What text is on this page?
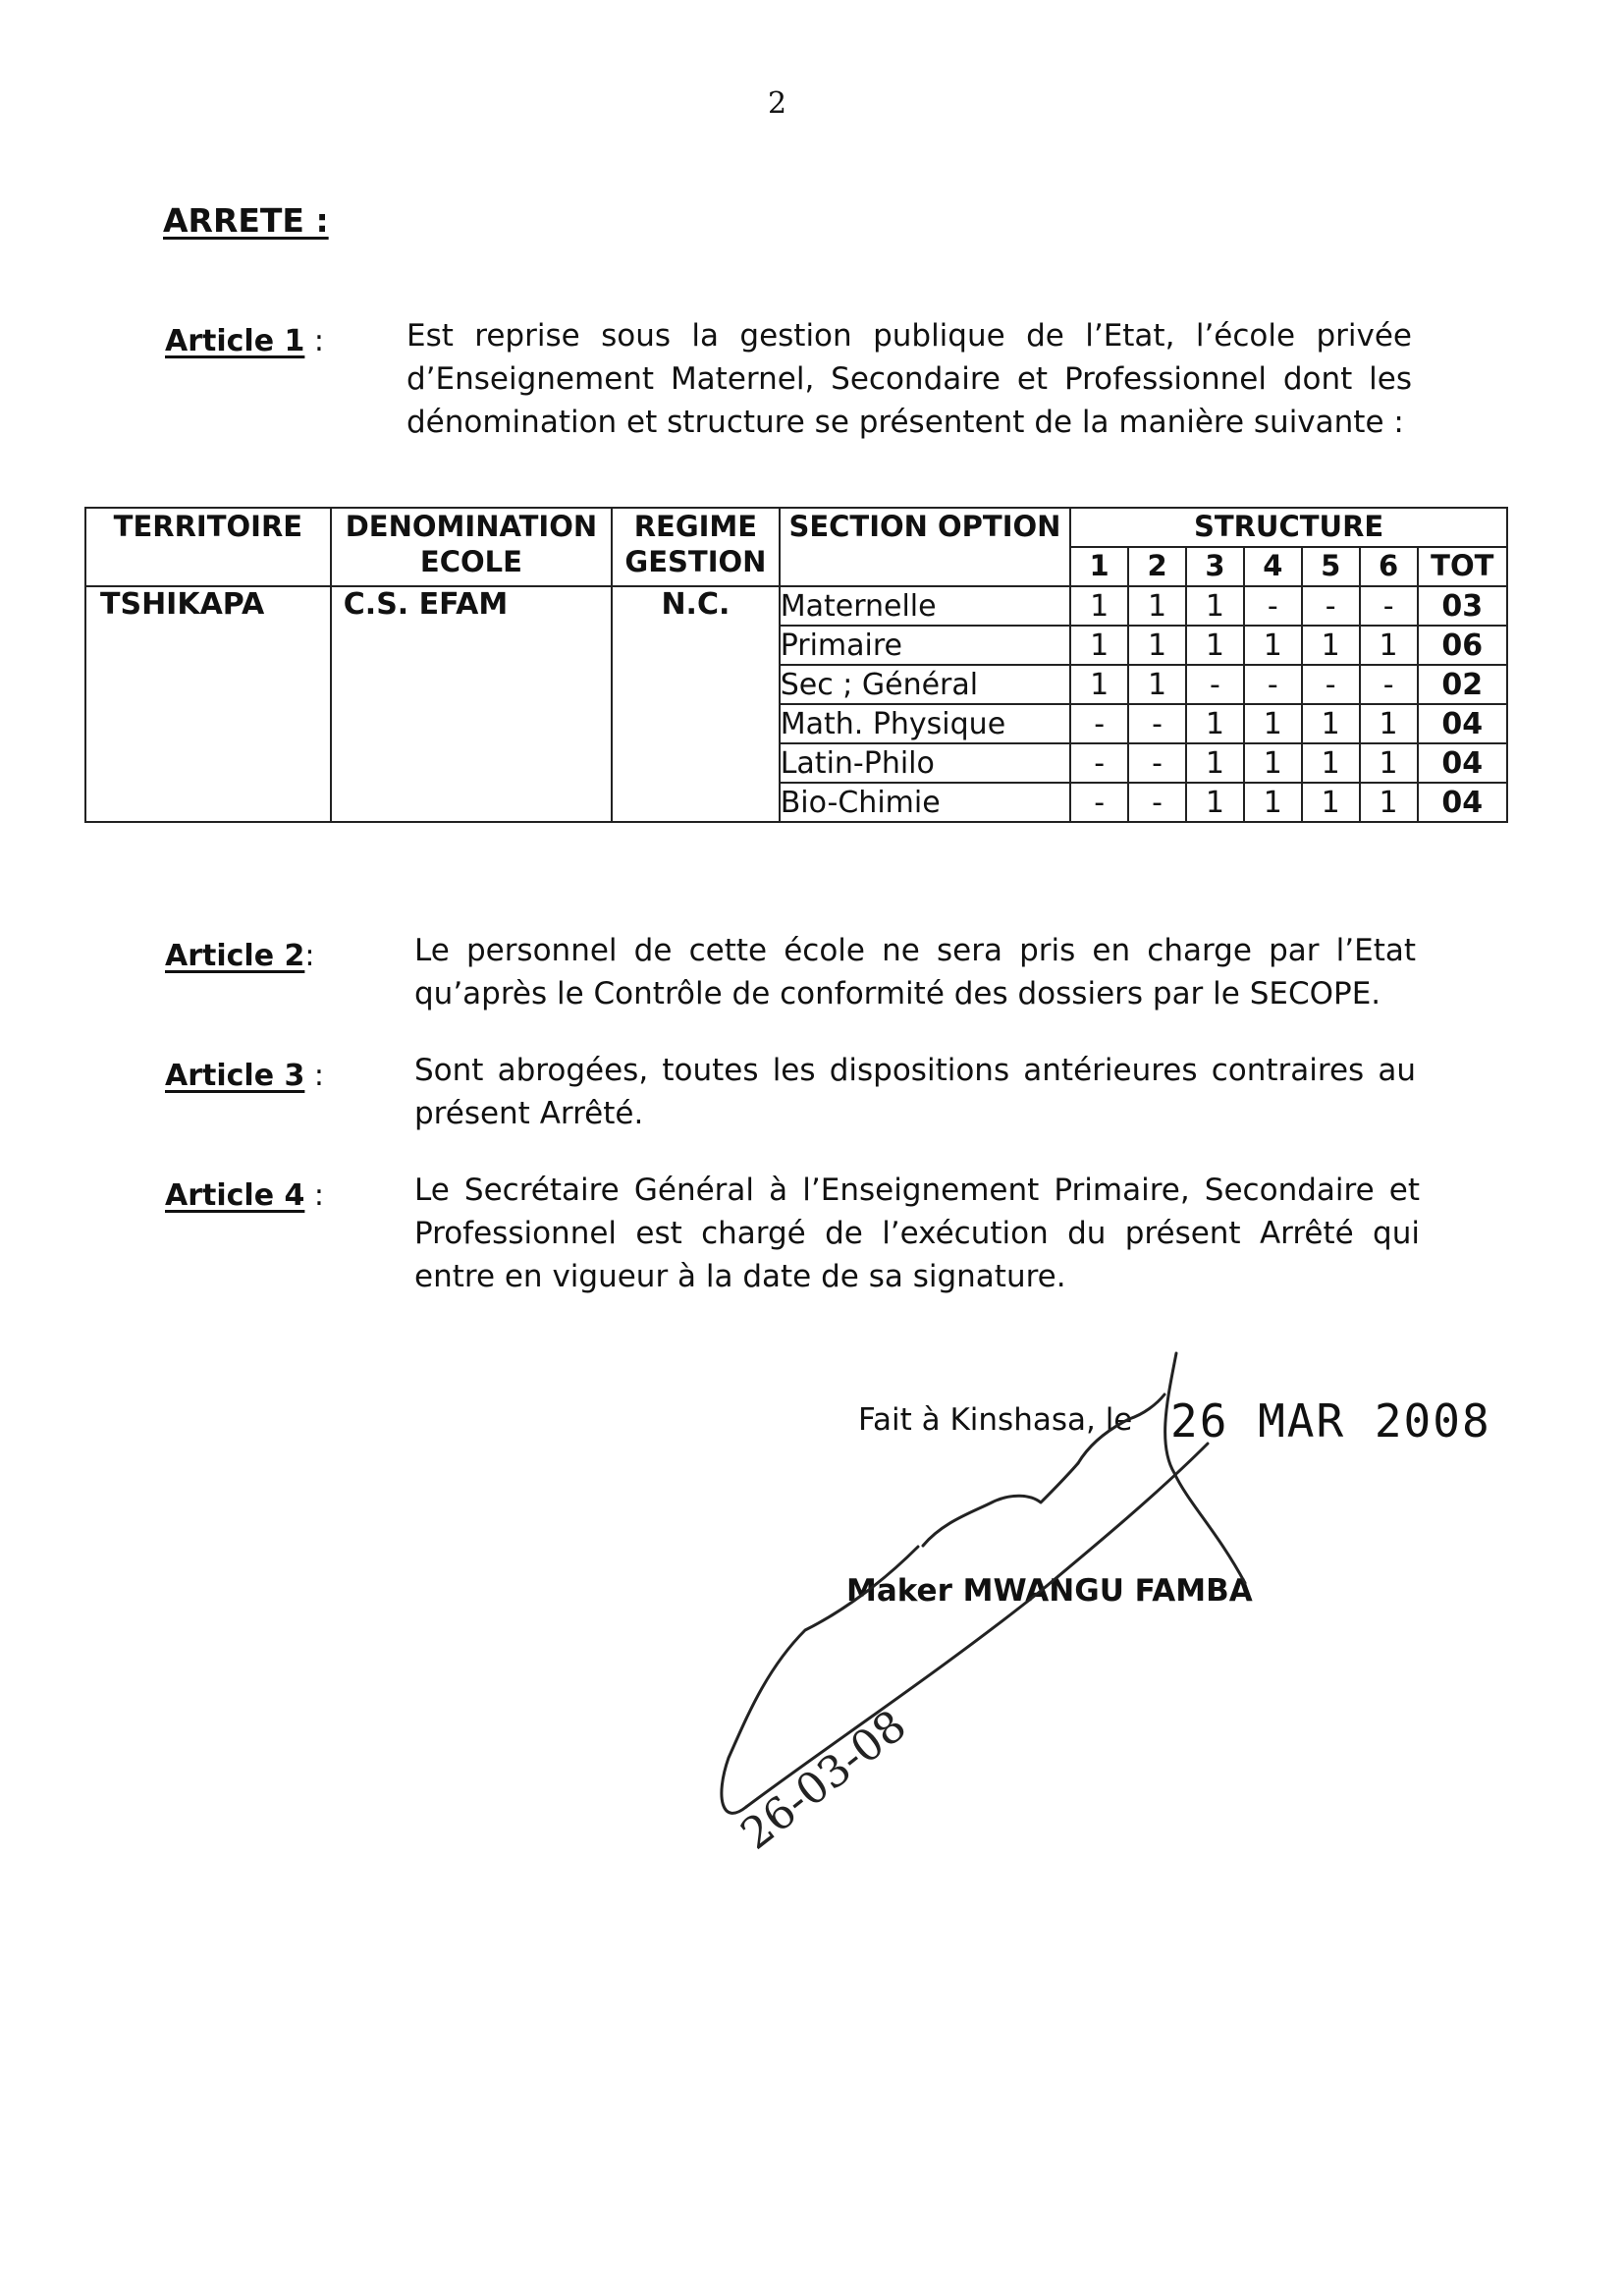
2
ARRETE :
Article 1 :	Est reprise sous la gestion publique de l’Etat, l’école privée d’Enseignement Maternel, Secondaire et Professionnel dont les dénomination et structure se présentent de la manière suivante :
TERRITOIRE	DENOMINATION ECOLE	REGIME GESTION	SECTION OPTION	STRUCTURE						
				1	2	3	4	5	6	TOT
TSHIKAPA	C.S. EFAM	N.C.	Maternelle	1	1	1	-	-	-	03
			Primaire	1	1	1	1	1	1	06
			Sec ; Général	1	1	-	-	-	-	02
			Math. Physique	-	-	1	1	1	1	04
			Latin-Philo	-	-	1	1	1	1	04
			Bio-Chimie	-	-	1	1	1	1	04
Article 2:	Le personnel de cette école ne sera pris en charge par l’Etat qu’après le Contrôle de conformité des dossiers par le SECOPE.
Article 3 :	Sont abrogées, toutes les dispositions antérieures contraires au présent Arrêté.
Article 4 :	Le Secrétaire Général à l’Enseignement Primaire, Secondaire et Professionnel est chargé de l’exécution du présent Arrêté qui entre en vigueur à la date de sa signature.
Fait à Kinshasa, le 26 MAR 2008
Maker MWANGU FAMBA
26-03-08
